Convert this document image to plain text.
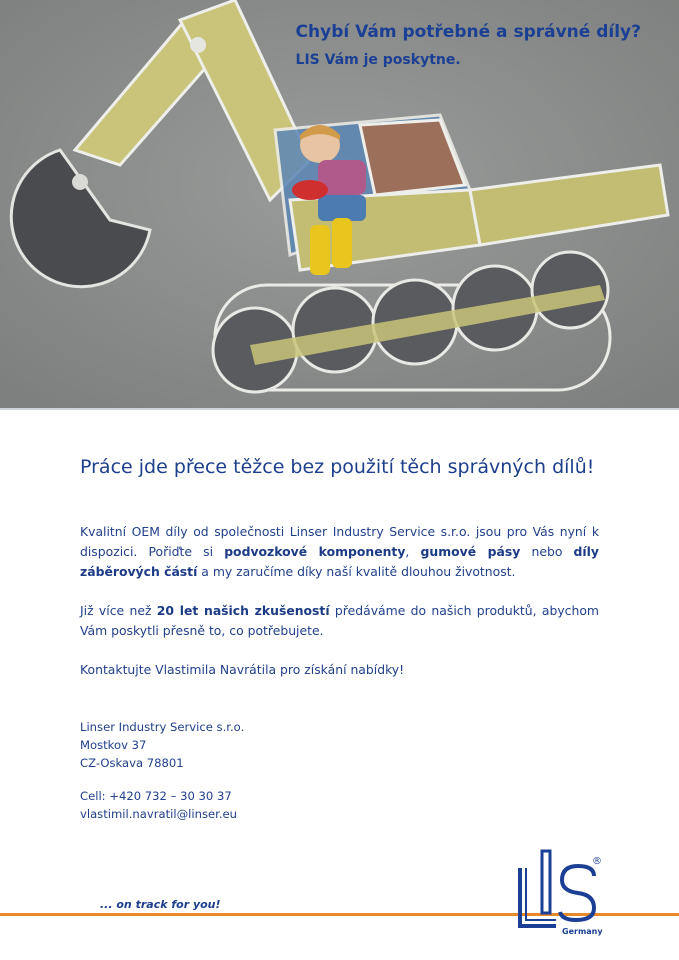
Chybí Vám potřebné a správné díly?

LIS Vám je poskytne.

Práce jde přece těžce bez použití těch správných dílů!

Kvalitní OEM díly od společnosti Linser Industry Service s.r.o. jsou pro Vás nyní k dispozici. Pořiďte si podvozkové komponenty, gumové pásy nebo díly záběrových částí a my zaručíme díky naší kvalitě dlouhou životnost.

Již více než 20 let našich zkušeností předáváme do našich produktů, abychom Vám poskytli přesně to, co potřebujete.

Kontaktujte Vlastimila Navrátila pro získání nabídky!

Linser Industry Service s.r.o.
Mostkov 37
CZ-Oskava 78801
Cell: +420 732 – 30 30 37
vlastimil.navratil@linser.eu
... on track for you!
®
Germany
